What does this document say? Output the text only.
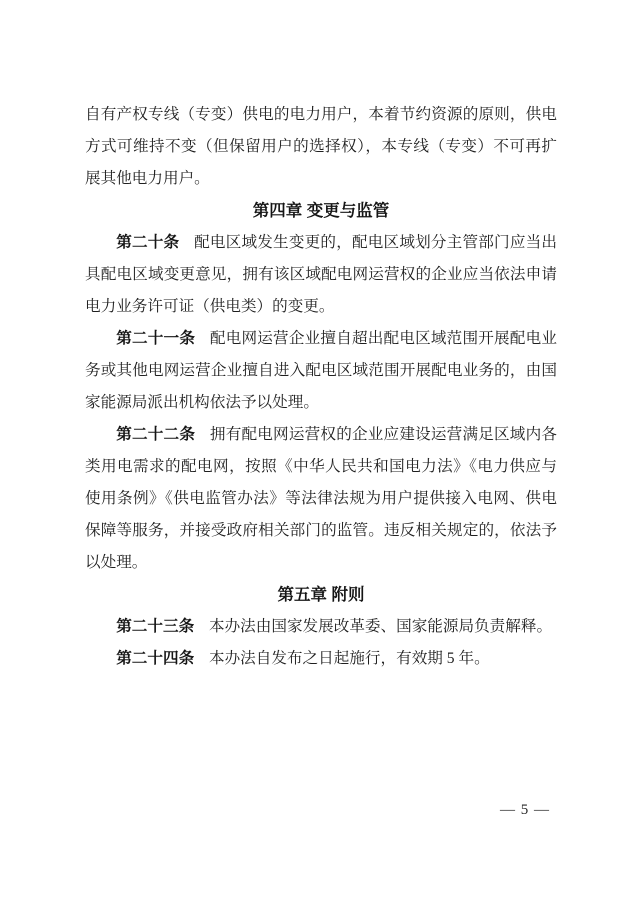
自有产权专线（专变）供电的电力用户，本着节约资源的原则，供电方式可维持不变（但保留用户的选择权），本专线（专变）不可再扩展其他电力用户。

第四章 变更与监管

第二十条 配电区域发生变更的，配电区域划分主管部门应当出具配电区域变更意见，拥有该区域配电网运营权的企业应当依法申请电力业务许可证（供电类）的变更。

第二十一条 配电网运营企业擅自超出配电区域范围开展配电业务或其他电网运营企业擅自进入配电区域范围开展配电业务的，由国家能源局派出机构依法予以处理。

第二十二条 拥有配电网运营权的企业应建设运营满足区域内各类用电需求的配电网，按照《中华人民共和国电力法》《电力供应与使用条例》《供电监管办法》等法律法规为用户提供接入电网、供电保障等服务，并接受政府相关部门的监管。违反相关规定的，依法予以处理。

第五章 附则

第二十三条 本办法由国家发展改革委、国家能源局负责解释。

第二十四条 本办法自发布之日起施行，有效期 5 年。

— 5 —
